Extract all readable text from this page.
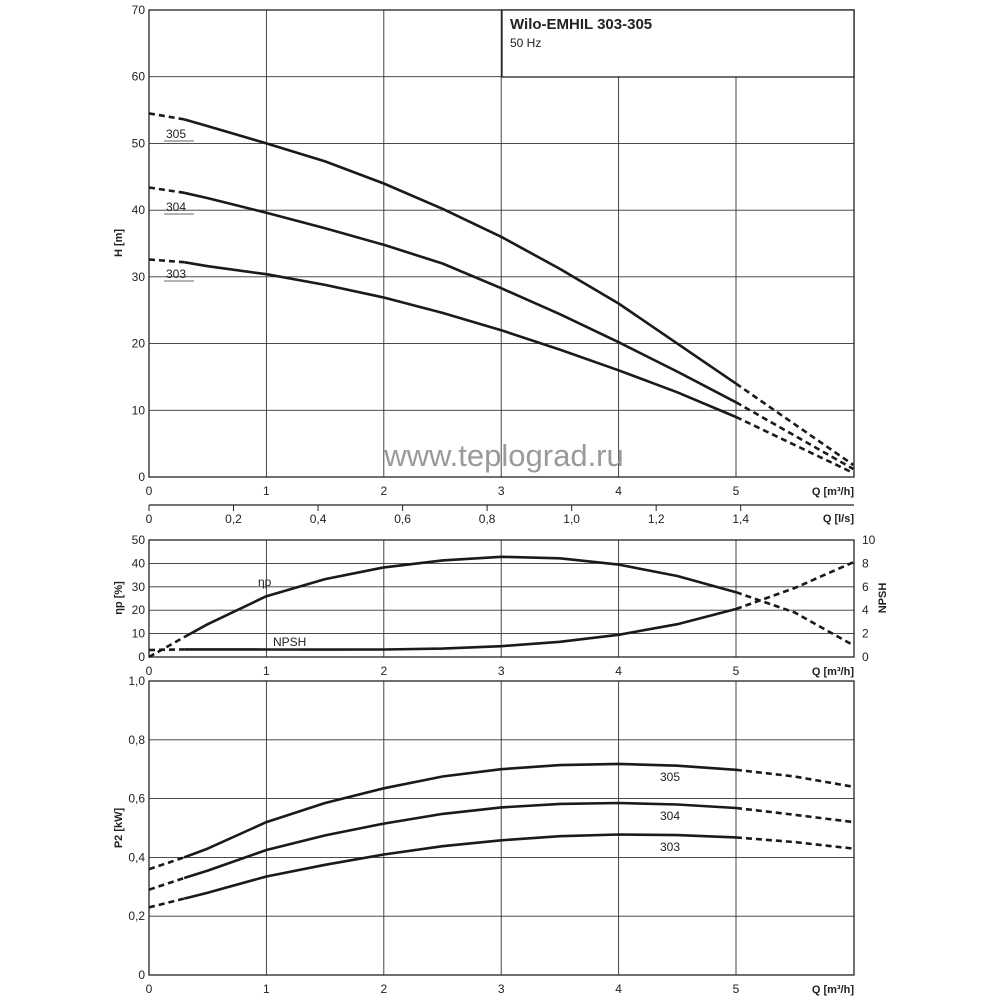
Wilo-EMHIL 303-305
50 Hz
www.teplograd.ru
305
304
303
0
10
20
30
40
50
60
70
0	1	2	3	4	5
H [m]
Q [m³/h]
0	0,2	0,4	0,6	0,8	1,0	1,2	1,4	Q [l/s]
ηp
NPSH
0
10
20
30
40
50
0
2
4
6
8
10
0	1	2	3	4	5
ηp [%]	NPSH
Q [m³/h]
305
304
303
0
0,2
0,4
0,6
0,8
1,0
0	1	2	3	4	5
P2 [kW]
Q [m³/h]
